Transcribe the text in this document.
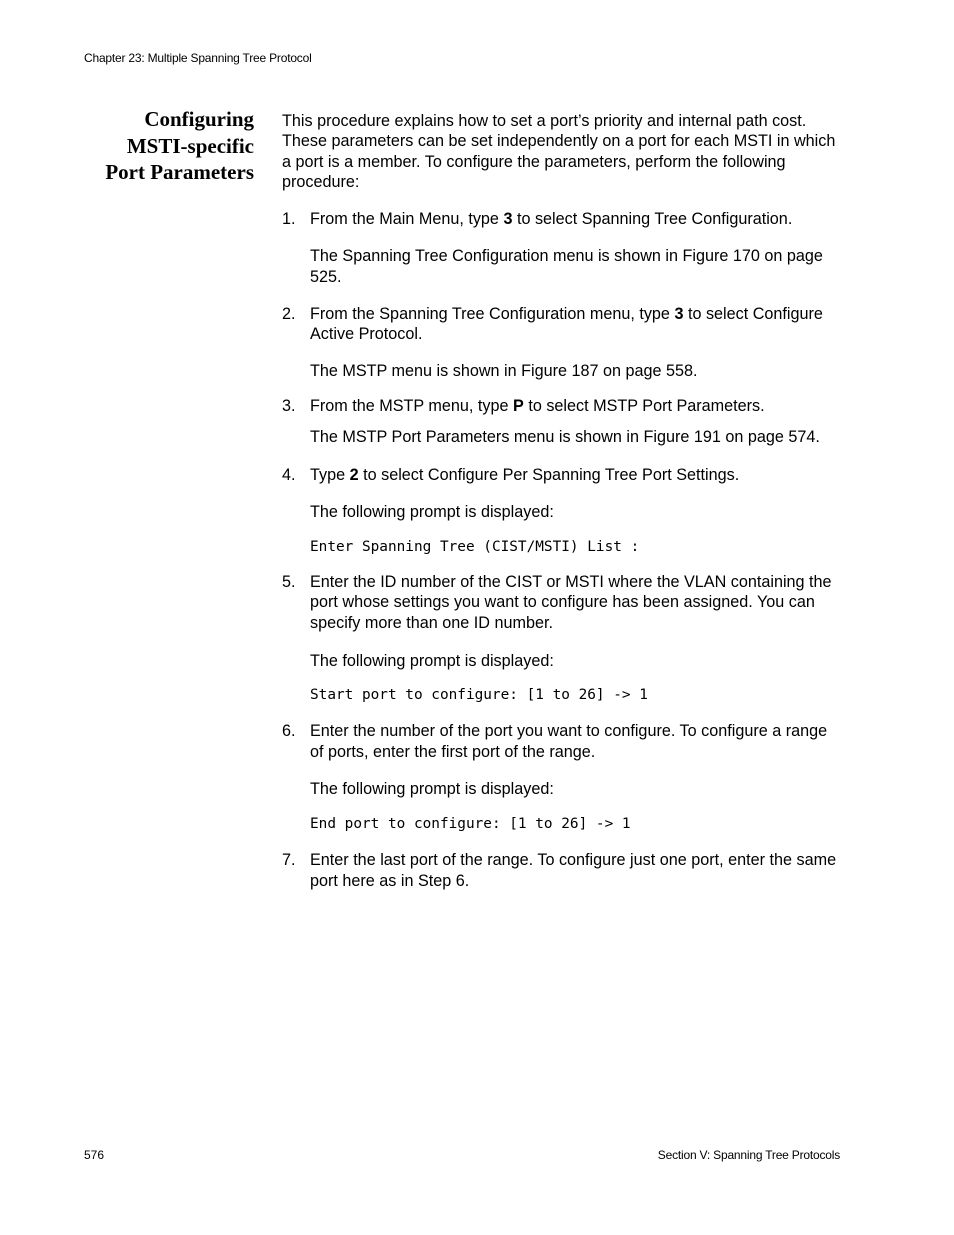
Chapter 23: Multiple Spanning Tree Protocol
Configuring
MSTI-specific
Port Parameters

This procedure explains how to set a port’s priority and internal path cost. These parameters can be set independently on a port for each MSTI in which a port is a member. To configure the parameters, perform the following procedure:

1. From the Main Menu, type 3 to select Spanning Tree Configuration.

The Spanning Tree Configuration menu is shown in Figure 170 on page 525.

2. From the Spanning Tree Configuration menu, type 3 to select Configure Active Protocol.

The MSTP menu is shown in Figure 187 on page 558.

3. From the MSTP menu, type P to select MSTP Port Parameters.

The MSTP Port Parameters menu is shown in Figure 191 on page 574.

4. Type 2 to select Configure Per Spanning Tree Port Settings.

The following prompt is displayed:

Enter Spanning Tree (CIST/MSTI) List :

5. Enter the ID number of the CIST or MSTI where the VLAN containing the port whose settings you want to configure has been assigned. You can specify more than one ID number.

The following prompt is displayed:

Start port to configure: [1 to 26] -> 1

6. Enter the number of the port you want to configure. To configure a range of ports, enter the first port of the range.

The following prompt is displayed:

End port to configure: [1 to 26] -> 1

7. Enter the last port of the range. To configure just one port, enter the same port here as in Step 6.

576	Section V: Spanning Tree Protocols
